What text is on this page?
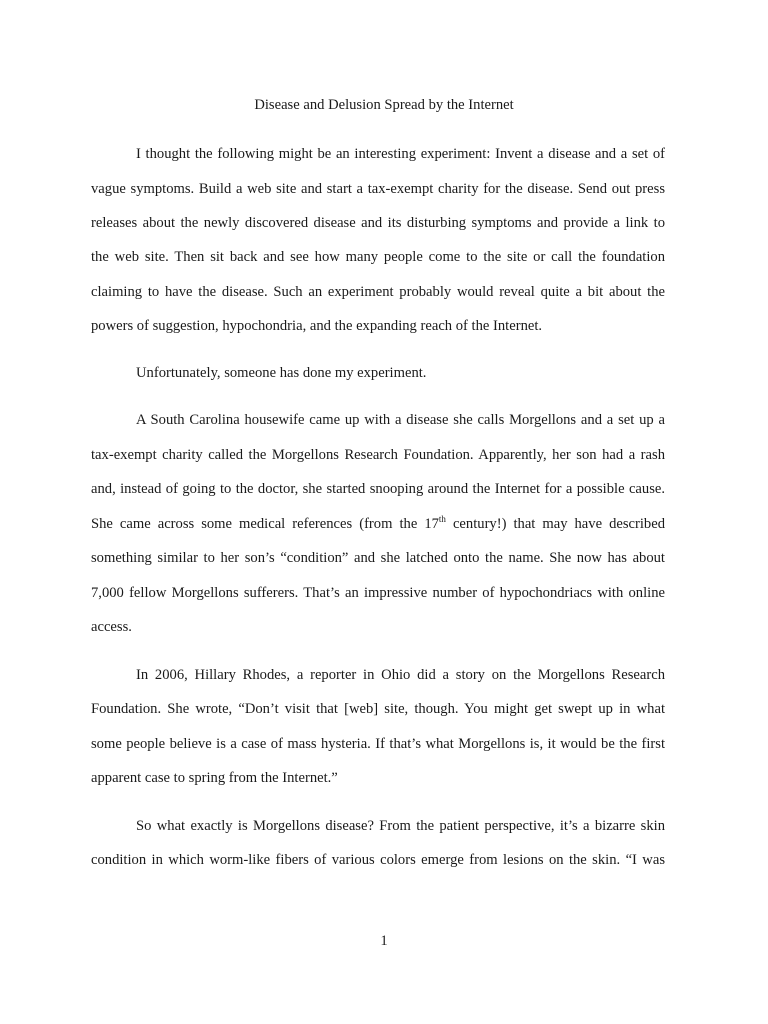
Disease and Delusion Spread by the Internet
I thought the following might be an interesting experiment: Invent a disease and a set of
vague symptoms. Build a web site and start a tax-exempt charity for the disease. Send out press
releases about the newly discovered disease and its disturbing symptoms and provide a link to
the web site. Then sit back and see how many people come to the site or call the foundation
claiming to have the disease. Such an experiment probably would reveal quite a bit about the
powers of suggestion, hypochondria, and the expanding reach of the Internet.
Unfortunately, someone has done my experiment.
A South Carolina housewife came up with a disease she calls Morgellons and a set up a
tax-exempt charity called the Morgellons Research Foundation. Apparently, her son had a rash
and, instead of going to the doctor, she started snooping around the Internet for a possible cause.
She came across some medical references (from the 17th century!) that may have described
something similar to her son’s “condition” and she latched onto the name. She now has about
7,000 fellow Morgellons sufferers. That’s an impressive number of hypochondriacs with online
access.
In 2006, Hillary Rhodes, a reporter in Ohio did a story on the Morgellons Research
Foundation. She wrote, “Don’t visit that [web] site, though. You might get swept up in what
some people believe is a case of mass hysteria. If that’s what Morgellons is, it would be the first
apparent case to spring from the Internet.”
So what exactly is Morgellons disease? From the patient perspective, it’s a bizarre skin
condition in which worm-like fibers of various colors emerge from lesions on the skin. “I was
1
